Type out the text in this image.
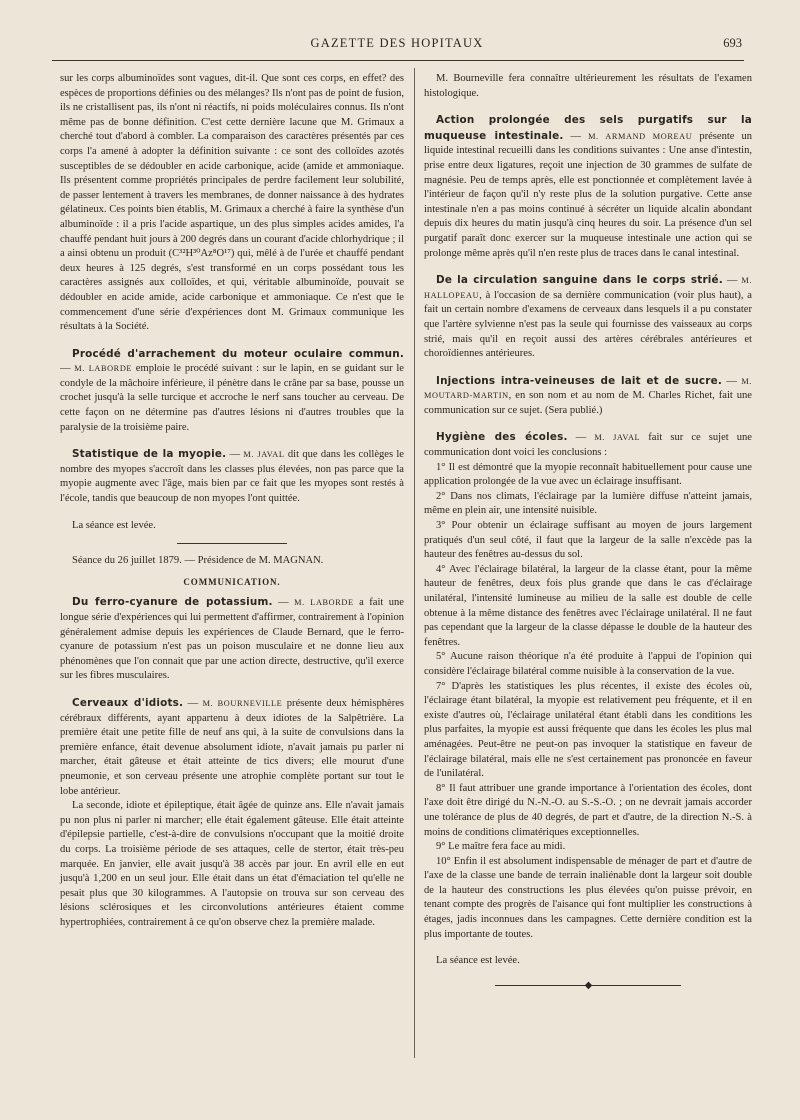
GAZETTE DES HOPITAUX	693

sur les corps albuminoïdes sont vagues, dit-il. Que sont ces corps, en effet? des espèces de proportions définies ou des mélanges? Ils n'ont pas de point de fusion, ils ne cristallisent pas, ils n'ont ni réactifs, ni poids moléculaires connus. Ils n'ont même pas de bonne définition. C'est cette dernière lacune que M. Grimaux a cherché tout d'abord à combler. La comparaison des caractères présentés par ces corps l'a amené à adopter la définition suivante : ce sont des colloïdes azotés susceptibles de se dédoubler en acide carbonique, acide (amide et ammoniaque. Ils présentent comme propriétés principales de perdre facilement leur solubilité, de passer lentement à travers les membranes, de donner naissance à des hydrates gélatineux. Ces points bien établis, M. Grimaux a cherché à faire la synthèse d'un albuminoïde : il a pris l'acide aspartique, un des plus simples acides amides, l'a chauffé pendant huit jours à 200 degrés dans un courant d'acide chlorhydrique ; il a ainsi obtenu un produit (C³²H³⁰Az⁸O¹⁷) qui, mêlé à de l'urée et chauffé pendant deux heures à 125 degrés, s'est transformé en un corps possédant tous les caractères assignés aux colloïdes, et qui, véritable albuminoïde, pouvait se dédoubler en acide amide, acide carbonique et ammoniaque. Ce n'est que le commencement d'une série d'expériences dont M. Grimaux communique les résultats à la Société.

Procédé d'arrachement du moteur oculaire commun. — M. LABORDE emploie le procédé suivant : sur le lapin, en se guidant sur le condyle de la mâchoire inférieure, il pénètre dans le crâne par sa base, pousse un crochet jusqu'à la selle turcique et accroche le nerf sans toucher au cerveau. De cette façon on ne détermine pas d'autres lésions ni d'autres troubles que la paralysie de la troisième paire.

Statistique de la myopie. — M. JAVAL dit que dans les collèges le nombre des myopes s'accroît dans les classes plus élevées, non pas parce que la myopie augmente avec l'âge, mais bien par ce fait que les myopes sont restés à l'école, tandis que beaucoup de non myopes l'ont quittée.

La séance est levée.

Séance du 26 juillet 1879. — Présidence de M. MAGNAN.

COMMUNICATION.

Du ferro-cyanure de potassium. — M. LABORDE a fait une longue série d'expériences qui lui permettent d'affirmer, contrairement à l'opinion généralement admise depuis les expériences de Claude Bernard, que le ferro-cyanure de potassium n'est pas un poison musculaire et ne donne lieu aux phénomènes que l'on connait que par une action directe, destructive, qu'il exerce sur les fibres musculaires.

Cerveaux d'idiots. — M. BOURNEVILLE présente deux hémisphères cérébraux différents, ayant appartenu à deux idiotes de la Salpêtrière. La première était une petite fille de neuf ans qui, à la suite de convulsions dans la première enfance, était devenue absolument idiote, n'avait jamais pu parler ni marcher, était gâteuse et était atteinte de tics divers; elle mourut d'une pneumonie, et son cerveau présente une atrophie complète portant sur tout le lobe antérieur.

La seconde, idiote et épileptique, était âgée de quinze ans. Elle n'avait jamais pu non plus ni parler ni marcher; elle était également gâteuse. Elle était atteinte d'épilepsie partielle, c'est-à-dire de convulsions n'occupant que la moitié droite du corps. La troisième période de ses attaques, celle de stertor, était très-peu marquée. En janvier, elle avait jusqu'à 38 accès par jour. En avril elle en eut jusqu'à 1,200 en un seul jour. Elle était dans un état d'émaciation tel qu'elle ne pesait plus que 30 kilogrammes. A l'autopsie on trouva sur son cerveau des lésions sclérosiques et les circonvolutions antérieures étaient comme hypertrophiées, contrairement à ce qu'on observe chez la première malade.

M. Bourneville fera connaître ultérieurement les résultats de l'examen histologique.

Action prolongée des sels purgatifs sur la muqueuse intestinale. — M. ARMAND MOREAU présente un liquide intestinal recueilli dans les conditions suivantes : Une anse d'intestin, prise entre deux ligatures, reçoit une injection de 30 grammes de sulfate de magnésie. Peu de temps après, elle est ponctionnée et complètement lavée à l'intérieur de façon qu'il n'y reste plus de la solution purgative. Cette anse intestinale n'en a pas moins continué à sécréter un liquide alcalin abondant depuis dix heures du matin jusqu'à cinq heures du soir. La présence d'un sel purgatif paraît donc exercer sur la muqueuse intestinale une action qui se prolonge même après qu'il n'en reste plus de traces dans le canal intestinal.

De la circulation sanguine dans le corps strié. — M. HALLOPEAU, à l'occasion de sa dernière communication (voir plus haut), a fait un certain nombre d'examens de cerveaux dans lesquels il a pu constater que l'artère sylvienne n'est pas la seule qui fournisse des vaisseaux au corps strié, mais qu'il en reçoit aussi des artères cérébrales antérieures et choroïdiennes antérieures.

Injections intra-veineuses de lait et de sucre. — M. MOUTARD-MARTIN, en son nom et au nom de M. Charles Richet, fait une communication sur ce sujet. (Sera publié.)

Hygiène des écoles. — M. JAVAL fait sur ce sujet une communication dont voici les conclusions :

1° Il est démontré que la myopie reconnaît habituellement pour cause une application prolongée de la vue avec un éclairage insuffisant.

2° Dans nos climats, l'éclairage par la lumière diffuse n'atteint jamais, même en plein air, une intensité nuisible.

3° Pour obtenir un éclairage suffisant au moyen de jours largement pratiqués d'un seul côté, il faut que la largeur de la salle n'excède pas la hauteur des fenêtres au-dessus du sol.

4° Avec l'éclairage bilatéral, la largeur de la classe étant, pour la même hauteur de fenêtres, deux fois plus grande que dans le cas d'éclairage unilatéral, l'intensité lumineuse au milieu de la salle est double de celle obtenue à la même distance des fenêtres avec l'éclairage unilatéral. Il ne faut pas cependant que la largeur de la classe dépasse le double de la hauteur des fenêtres.

5° Aucune raison théorique n'a été produite à l'appui de l'opinion qui considère l'éclairage bilatéral comme nuisible à la conservation de la vue.

7° D'après les statistiques les plus récentes, il existe des écoles où, l'éclairage étant bilatéral, la myopie est relativement peu fréquente, et il en existe d'autres où, l'éclairage unilatéral étant établi dans les conditions les plus parfaites, la myopie est aussi fréquente que dans les écoles les plus mal aménagées. Peut-être ne peut-on pas invoquer la statistique en faveur de l'éclairage bilatéral, mais elle ne s'est certainement pas prononcée en faveur de l'unilatéral.

8° Il faut attribuer une grande importance à l'orientation des écoles, dont l'axe doit être dirigé du N.-N.-O. au S.-S.-O. ; on ne devrait jamais accorder une tolérance de plus de 40 degrés, de part et d'autre, de la direction N.-S. à moins de conditions climatériques exceptionnelles.

9° Le maître fera face au midi.

10° Enfin il est absolument indispensable de ménager de part et d'autre de l'axe de la classe une bande de terrain inaliénable dont la largeur soit double de la hauteur des constructions les plus élevées qu'on puisse prévoir, en tenant compte des progrès de l'aisance qui font multiplier les constructions à étages, jadis inconnues dans les campagnes. Cette dernière condition est la plus importante de toutes.

La séance est levée.

◆
